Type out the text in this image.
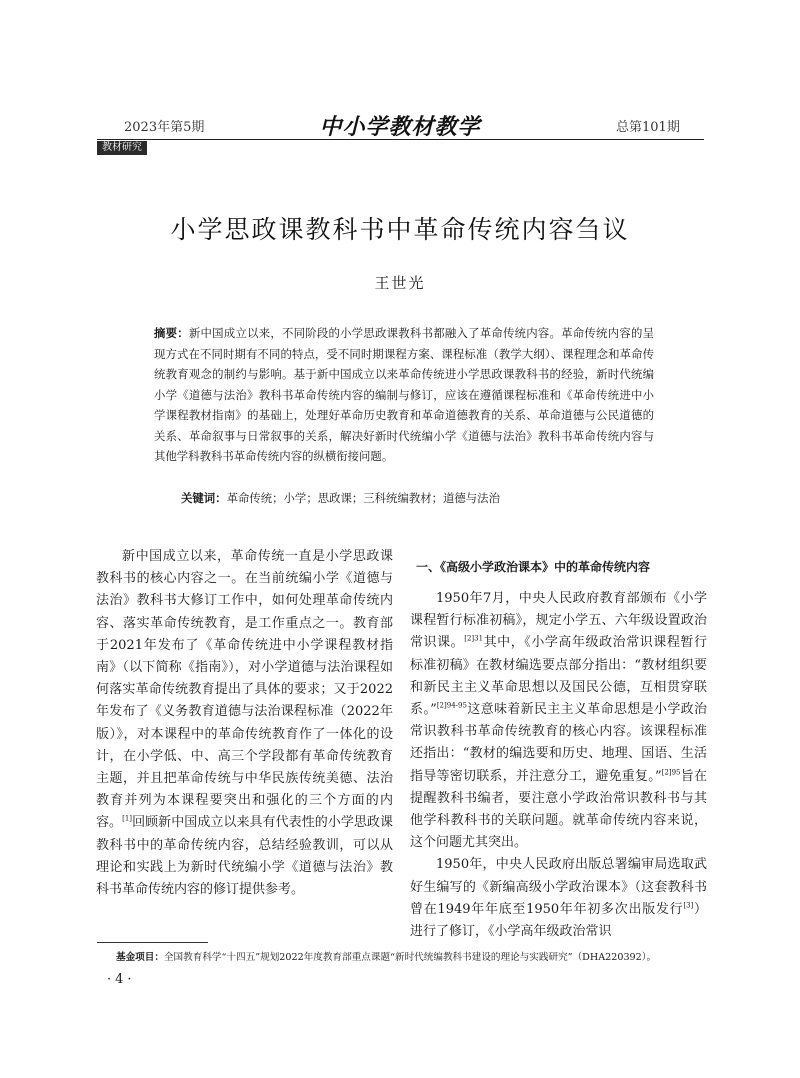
2023年第5期	中小学教材教学	总第101期
教材研究
小学思政课教科书中革命传统内容刍议
王世光
摘要：新中国成立以来，不同阶段的小学思政课教科书都融入了革命传统内容。革命传统内容的呈现方式在不同时期有不同的特点，受不同时期课程方案、课程标准（教学大纲）、课程理念和革命传统教育观念的制约与影响。基于新中国成立以来革命传统进小学思政课教科书的经验，新时代统编小学《道德与法治》教科书革命传统内容的编制与修订，应该在遵循课程标准和《革命传统进中小学课程教材指南》的基础上，处理好革命历史教育和革命道德教育的关系、革命道德与公民道德的关系、革命叙事与日常叙事的关系，解决好新时代统编小学《道德与法治》教科书革命传统内容与其他学科教科书革命传统内容的纵横衔接问题。
关键词：革命传统；小学；思政课；三科统编教材；道德与法治

新中国成立以来，革命传统一直是小学思政课教科书的核心内容之一。在当前统编小学《道德与法治》教科书大修订工作中，如何处理革命传统内容、落实革命传统教育，是工作重点之一。教育部于2021年发布了《革命传统进中小学课程教材指南》（以下简称《指南》），对小学道德与法治课程如何落实革命传统教育提出了具体的要求；又于2022年发布了《义务教育道德与法治课程标准（2022年版）》，对本课程中的革命传统教育作了一体化的设计，在小学低、中、高三个学段都有革命传统教育主题，并且把革命传统与中华民族传统美德、法治教育并列为本课程要突出和强化的三个方面的内容。[1]回顾新中国成立以来具有代表性的小学思政课教科书中的革命传统内容，总结经验教训，可以从理论和实践上为新时代统编小学《道德与法治》教科书革命传统内容的修订提供参考。

一、《高级小学政治课本》中的革命传统内容

1950年7月，中央人民政府教育部颁布《小学课程暂行标准初稿》，规定小学五、六年级设置政治常识课。$^{[2]31}$其中，《小学高年级政治常识课程暂行标准初稿》在教材编选要点部分指出：“教材组织要和新民主主义革命思想以及国民公德，互相贯穿联系。”$^{[2]94-95}$这意味着新民主主义革命思想是小学政治常识教科书革命传统教育的核心内容。该课程标准还指出：“教材的编选要和历史、地理、国语、生活指导等密切联系，并注意分工，避免重复。”$^{[2]95}$旨在提醒教科书编者，要注意小学政治常识教科书与其他学科教科书的关联问题。就革命传统内容来说，这个问题尤其突出。

1950年，中央人民政府出版总署编审局选取武好生编写的《新编高级小学政治课本》（这套教科书曾在1949年年底至1950年年初多次出版发行[3]）进行了修订，《小学高年级政治常识

基金项目：全国教育科学“十四五”规划2022年度教育部重点课题“新时代统编教科书建设的理论与实践研究”（DHA220392）。
·4·
